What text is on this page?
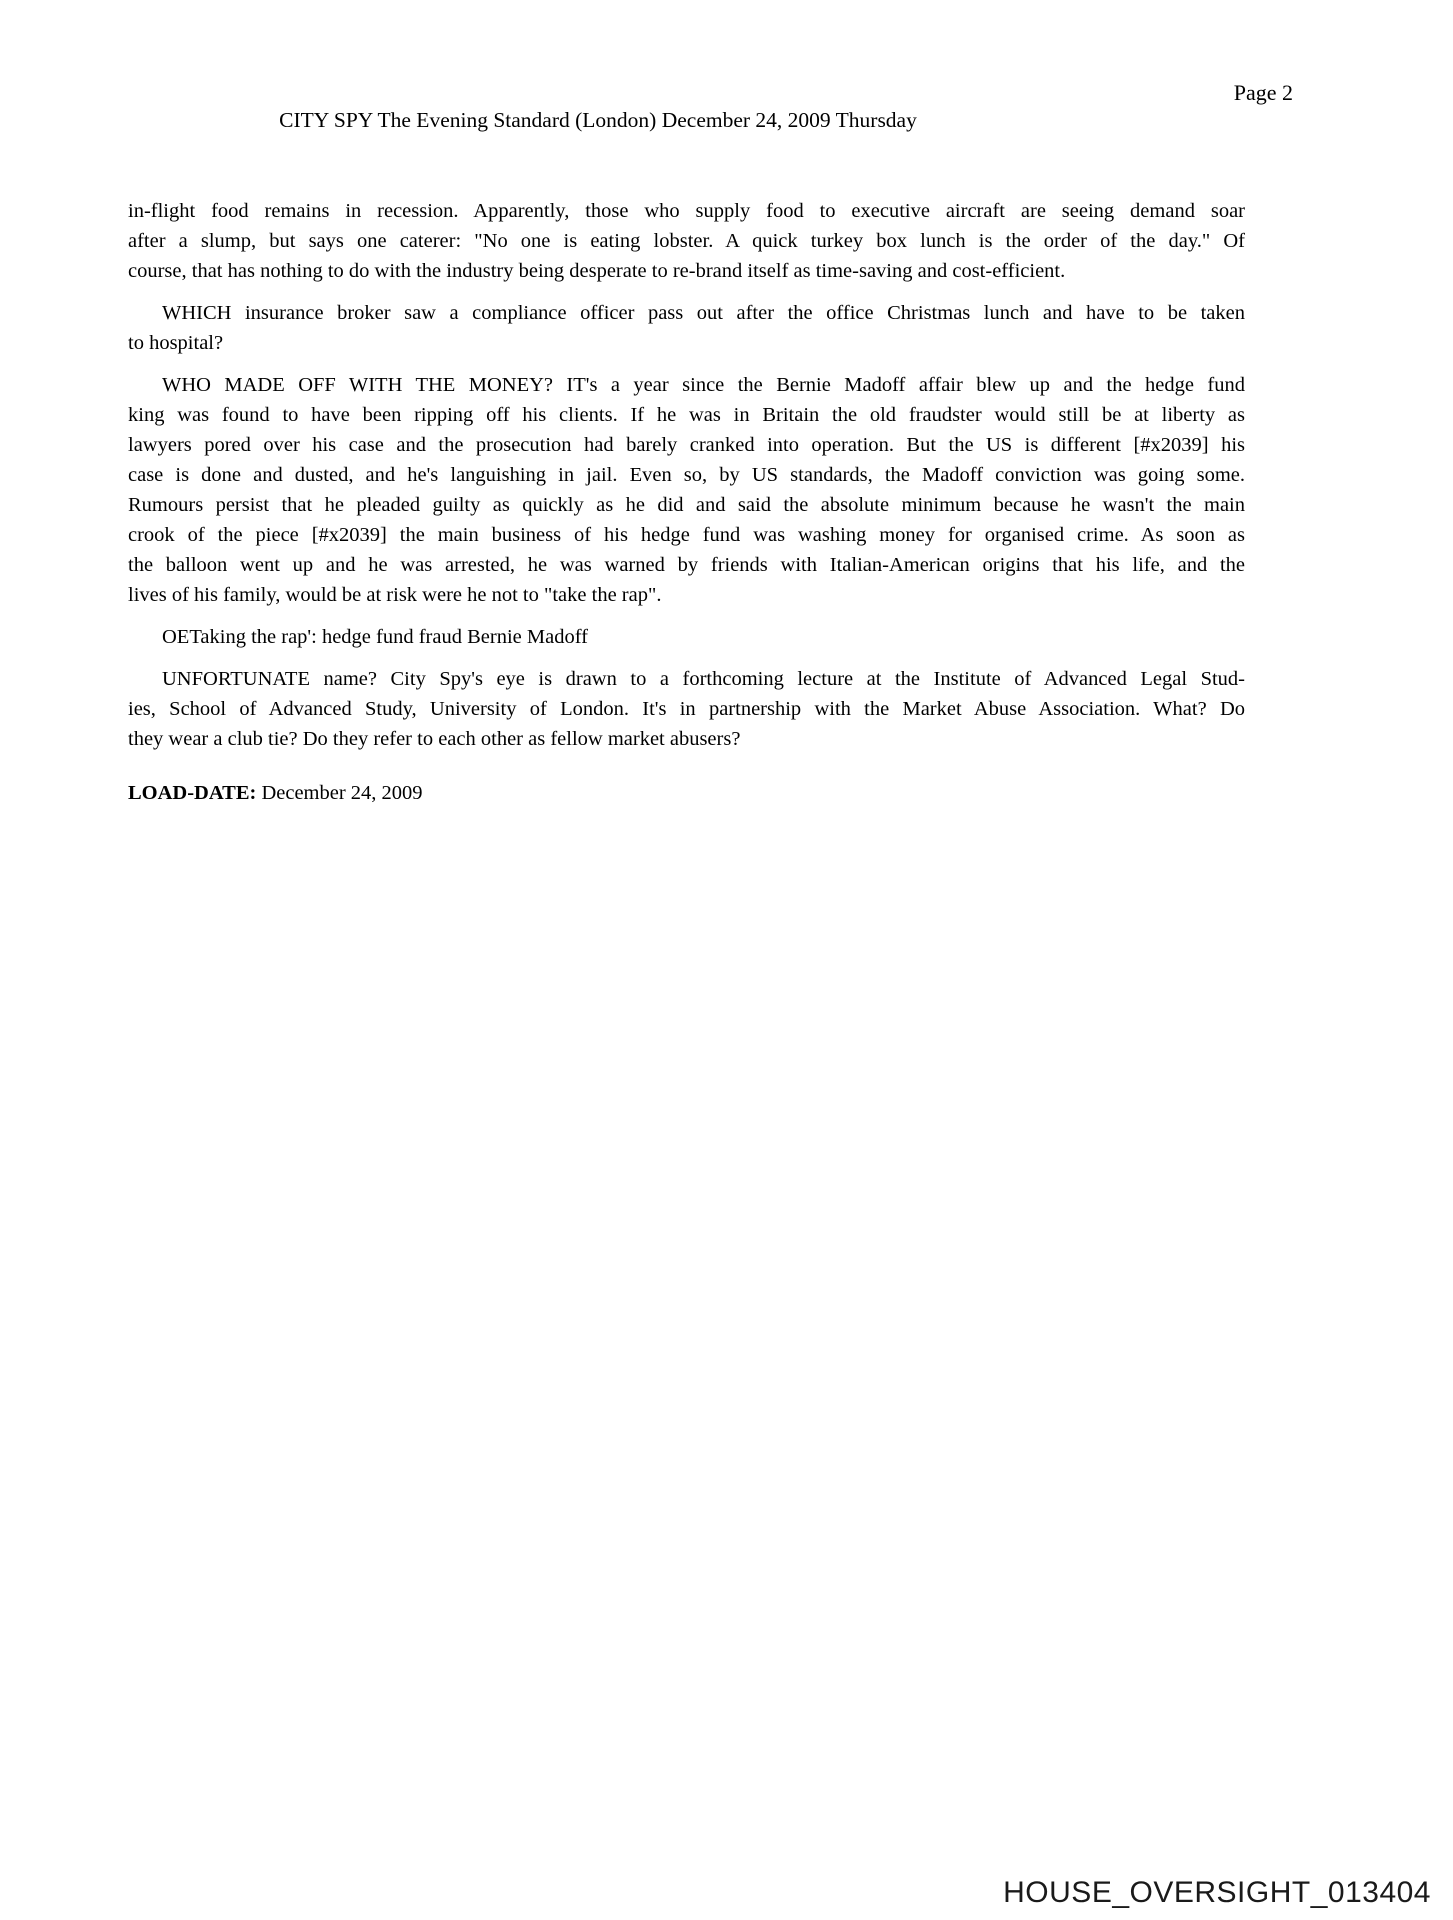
Page 2
CITY SPY The Evening Standard (London) December 24, 2009 Thursday
in-flight food remains in recession. Apparently, those who supply food to executive aircraft are seeing demand soar
after a slump, but says one caterer: "No one is eating lobster. A quick turkey box lunch is the order of the day." Of
course, that has nothing to do with the industry being desperate to re-brand itself as time-saving and cost-efficient.
WHICH insurance broker saw a compliance officer pass out after the office Christmas lunch and have to be taken
to hospital?
WHO MADE OFF WITH THE MONEY? IT's a year since the Bernie Madoff affair blew up and the hedge fund
king was found to have been ripping off his clients. If he was in Britain the old fraudster would still be at liberty as
lawyers pored over his case and the prosecution had barely cranked into operation. But the US is different [#x2039] his
case is done and dusted, and he's languishing in jail. Even so, by US standards, the Madoff conviction was going some.
Rumours persist that he pleaded guilty as quickly as he did and said the absolute minimum because he wasn't the main
crook of the piece [#x2039] the main business of his hedge fund was washing money for organised crime. As soon as
the balloon went up and he was arrested, he was warned by friends with Italian-American origins that his life, and the
lives of his family, would be at risk were he not to "take the rap".
OETaking the rap': hedge fund fraud Bernie Madoff
UNFORTUNATE name? City Spy's eye is drawn to a forthcoming lecture at the Institute of Advanced Legal Stud-
ies, School of Advanced Study, University of London. It's in partnership with the Market Abuse Association. What? Do
they wear a club tie? Do they refer to each other as fellow market abusers?
LOAD-DATE: December 24, 2009
HOUSE_OVERSIGHT_013404
